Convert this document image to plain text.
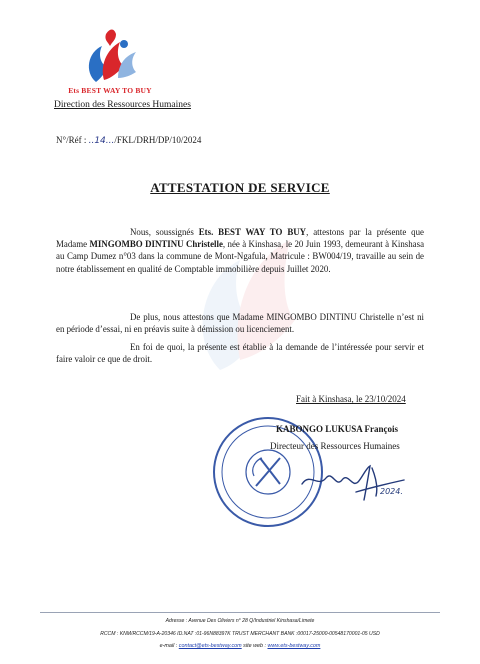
Ets BEST WAY TO BUY
Direction des Ressources Humaines
N°/Réf : ..14.../FKL/DRH/DP/10/2024
ATTESTATION DE SERVICE
Nous, soussignés Ets. BEST WAY TO BUY, attestons par la présente que Madame MINGOMBO DINTINU Christelle, née à Kinshasa, le 20 Juin 1993, demeurant à Kinshasa au Camp Dumez n°03 dans la commune de Mont-Ngafula, Matricule : BW004/19, travaille au sein de notre établissement en qualité de Comptable immobilière depuis Juillet 2020.
De plus, nous attestons que Madame MINGOMBO DINTINU Christelle n’est ni en période d’essai, ni en préavis suite à démission ou licenciement.
En foi de quoi, la présente est établie à la demande de l’intéressée pour servir et faire valoir ce que de droit.
Fait à Kinshasa, le 23/10/2024
KABONGO LUKUSA François
Directeur des Ressources Humaines
2024.
Adresse : Avenue Des Oliviers n° 28 Q/Industriel Kinshasa/Limete
RCCM : KNM/RCCM/19-A-20346 ID.NAT :01-96N88397K TRUST MERCHANT BANK :00017-25000-00548170001-05 USD
e-mail : contact@ets-bestway.com site web : www.ets-bestway.com
